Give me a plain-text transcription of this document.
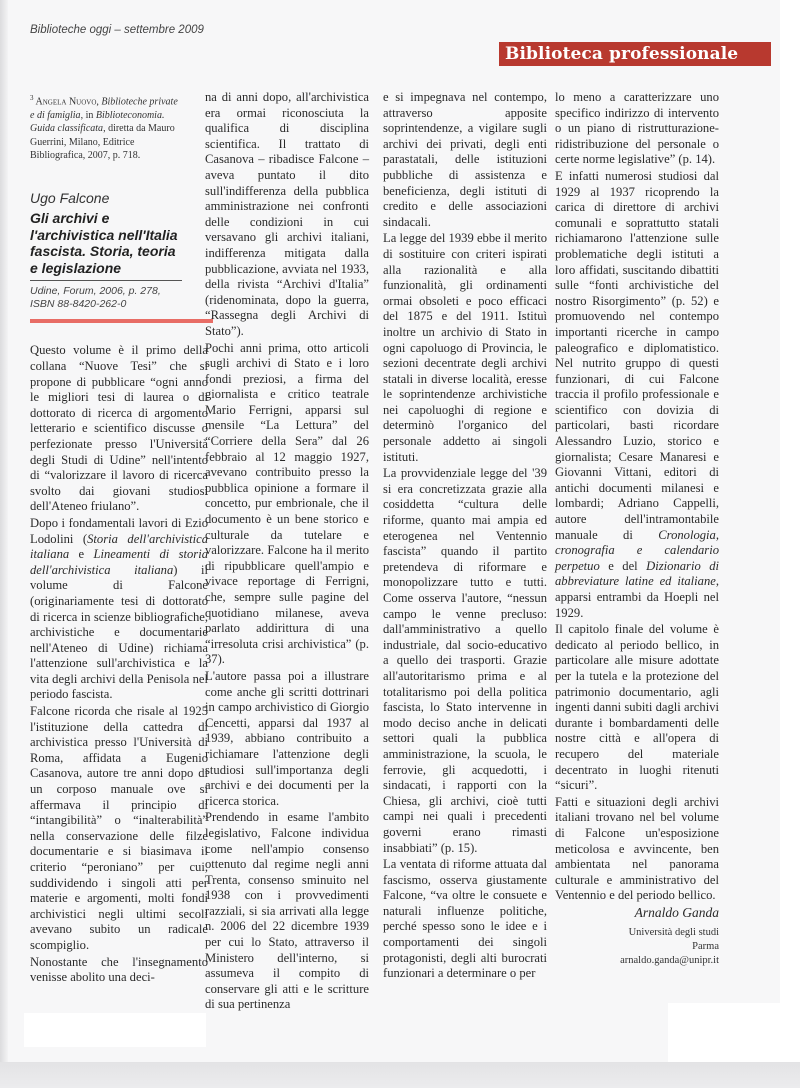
Biblioteche oggi – settembre 2009
Biblioteca professionale
$^3$ Angela Nuovo, Biblioteche private e di famiglia, in Biblioteconomia. Guida classificata, diretta da Mauro Guerrini, Milano, Editrice Bibliografica, 2007, p. 718.
Ugo Falcone
Gli archivi e l'archivistica nell'Italia fascista. Storia, teoria e legislazione
Udine, Forum, 2006, p. 278,
ISBN 88-8420-262-0

Questo volume è il primo della collana “Nuove Tesi” che si propone di pubblicare “ogni anno le migliori tesi di laurea o di dottorato di ricerca di argomento letterario e scientifico discusse o perfezionate presso l'Università degli Studi di Udine” nell'intento di “valorizzare il lavoro di ricerca svolto dai giovani studiosi dell'Ateneo friulano”.

Dopo i fondamentali lavori di Ezio Lodolini (Storia dell'archivistica italiana e Lineamenti di storia dell'archivistica italiana) il volume di Falcone (originariamente tesi di dottorato di ricerca in scienze bibliografiche, archivistiche e documentarie nell'Ateneo di Udine) richiama l'attenzione sull'archivistica e la vita degli archivi della Penisola nel periodo fascista.

Falcone ricorda che risale al 1925 l'istituzione della cattedra di archivistica presso l'Università di Roma, affidata a Eugenio Casanova, autore tre anni dopo di un corposo manuale ove si affermava il principio di “intangibilità” o “inalterabilità” nella conservazione delle filze documentarie e si biasimava il criterio “peroniano” per cui, suddividendo i singoli atti per materie e argomenti, molti fondi archivistici negli ultimi secoli avevano subito un radicale scompiglio.

Nonostante che l'insegnamento venisse abolito una deci-

na di anni dopo, all'archivistica era ormai riconosciuta la qualifica di disciplina scientifica. Il trattato di Casanova – ribadisce Falcone – aveva puntato il dito sull'indifferenza della pubblica amministrazione nei confronti delle condizioni in cui versavano gli archivi italiani, indifferenza mitigata dalla pubblicazione, avviata nel 1933, della rivista “Archivi d'Italia” (ridenominata, dopo la guerra, “Rassegna degli Archivi di Stato”).

Pochi anni prima, otto articoli sugli archivi di Stato e i loro fondi preziosi, a firma del giornalista e critico teatrale Mario Ferrigni, apparsi sul mensile “La Lettura” del “Corriere della Sera” dal 26 febbraio al 12 maggio 1927, avevano contribuito presso la pubblica opinione a formare il concetto, pur embrionale, che il documento è un bene storico e culturale da tutelare e valorizzare. Falcone ha il merito di ripubblicare quell'ampio e vivace reportage di Ferrigni, che, sempre sulle pagine del quotidiano milanese, aveva parlato addirittura di una “irresoluta crisi archivistica” (p. 37).

L'autore passa poi a illustrare come anche gli scritti dottrinari in campo archivistico di Giorgio Cencetti, apparsi dal 1937 al 1939, abbiano contribuito a richiamare l'attenzione degli studiosi sull'importanza degli archivi e dei documenti per la ricerca storica.

Prendendo in esame l'ambito legislativo, Falcone individua come nell'ampio consenso ottenuto dal regime negli anni Trenta, consenso sminuito nel 1938 con i provvedimenti razziali, si sia arrivati alla legge n. 2006 del 22 dicembre 1939 per cui lo Stato, attraverso il Ministero dell'interno, si assumeva il compito di conservare gli atti e le scritture di sua pertinenza

e si impegnava nel contempo, attraverso apposite soprintendenze, a vigilare sugli archivi dei privati, degli enti parastatali, delle istituzioni pubbliche di assistenza e beneficienza, degli istituti di credito e delle associazioni sindacali.

La legge del 1939 ebbe il merito di sostituire con criteri ispirati alla razionalità e alla funzionalità, gli ordinamenti ormai obsoleti e poco efficaci del 1875 e del 1911. Istituì inoltre un archivio di Stato in ogni capoluogo di Provincia, le sezioni decentrate degli archivi statali in diverse località, eresse le soprintendenze archivistiche nei capoluoghi di regione e determinò l'organico del personale addetto ai singoli istituti.

La provvidenziale legge del '39 si era concretizzata grazie alla cosiddetta “cultura delle riforme, quanto mai ampia ed eterogenea nel Ventennio fascista” quando il partito pretendeva di riformare e monopolizzare tutto e tutti. Come osserva l'autore, “nessun campo le venne precluso: dall'amministrativo a quello industriale, dal socio-educativo a quello dei trasporti. Grazie all'autoritarismo prima e al totalitarismo poi della politica fascista, lo Stato intervenne in modo deciso anche in delicati settori quali la pubblica amministrazione, la scuola, le ferrovie, gli acquedotti, i sindacati, i rapporti con la Chiesa, gli archivi, cioè tutti campi nei quali i precedenti governi erano rimasti insabbiati” (p. 15).

La ventata di riforme attuata dal fascismo, osserva giustamente Falcone, “va oltre le consuete e naturali influenze politiche, perché spesso sono le idee e i comportamenti dei singoli protagonisti, degli alti burocrati funzionari a determinare o per

lo meno a caratterizzare uno specifico indirizzo di intervento o un piano di ristrutturazione-ridistribuzione del personale o certe norme legislative” (p. 14).

E infatti numerosi studiosi dal 1929 al 1937 ricoprendo la carica di direttore di archivi comunali e soprattutto statali richiamarono l'attenzione sulle problematiche degli istituti a loro affidati, suscitando dibattiti sulle “fonti archivistiche del nostro Risorgimento” (p. 52) e promuovendo nel contempo importanti ricerche in campo paleografico e diplomatistico. Nel nutrito gruppo di questi funzionari, di cui Falcone traccia il profilo professionale e scientifico con dovizia di particolari, basti ricordare Alessandro Luzio, storico e giornalista; Cesare Manaresi e Giovanni Vittani, editori di antichi documenti milanesi e lombardi; Adriano Cappelli, autore dell'intramontabile manuale di Cronologia, cronografia e calendario perpetuo e del Dizionario di abbreviature latine ed italiane, apparsi entrambi da Hoepli nel 1929.

Il capitolo finale del volume è dedicato al periodo bellico, in particolare alle misure adottate per la tutela e la protezione del patrimonio documentario, agli ingenti danni subiti dagli archivi durante i bombardamenti delle nostre città e all'opera di recupero del materiale decentrato in luoghi ritenuti “sicuri”.

Fatti e situazioni degli archivi italiani trovano nel bel volume di Falcone un'esposizione meticolosa e avvincente, ben ambientata nel panorama culturale e amministrativo del Ventennio e del periodo bellico.

Arnaldo Ganda
Università degli studi
Parma
arnaldo.ganda@unipr.it
